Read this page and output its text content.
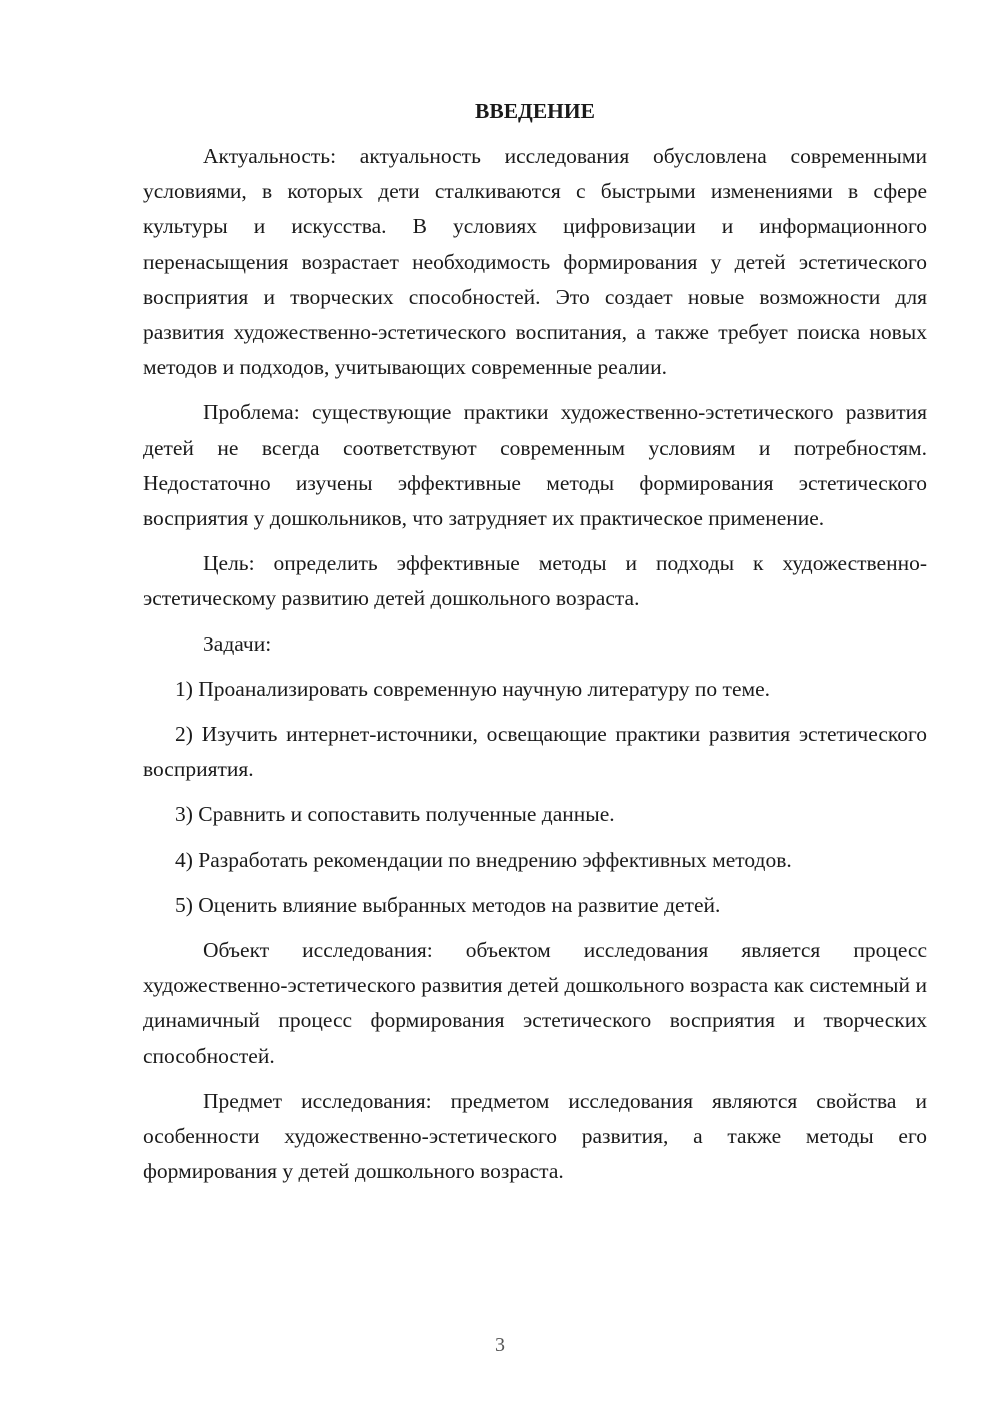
ВВЕДЕНИЕ

Актуальность: актуальность исследования обусловлена современными условиями, в которых дети сталкиваются с быстрыми изменениями в сфере культуры и искусства. В условиях цифровизации и информационного перенасыщения возрастает необходимость формирования у детей эстетического восприятия и творческих способностей. Это создает новые возможности для развития художественно-эстетического воспитания, а также требует поиска новых методов и подходов, учитывающих современные реалии.

Проблема: существующие практики художественно-эстетического развития детей не всегда соответствуют современным условиям и потребностям. Недостаточно изучены эффективные методы формирования эстетического восприятия у дошкольников, что затрудняет их практическое применение.

Цель: определить эффективные методы и подходы к художественно-эстетическому развитию детей дошкольного возраста.

Задачи:

1) Проанализировать современную научную литературу по теме.

2) Изучить интернет-источники, освещающие практики развития эстетического восприятия.

3) Сравнить и сопоставить полученные данные.

4) Разработать рекомендации по внедрению эффективных методов.

5) Оценить влияние выбранных методов на развитие детей.

Объект исследования: объектом исследования является процесс художественно-эстетического развития детей дошкольного возраста как системный и динамичный процесс формирования эстетического восприятия и творческих способностей.

Предмет исследования: предметом исследования являются свойства и особенности художественно-эстетического развития, а также методы его формирования у детей дошкольного возраста.

3
